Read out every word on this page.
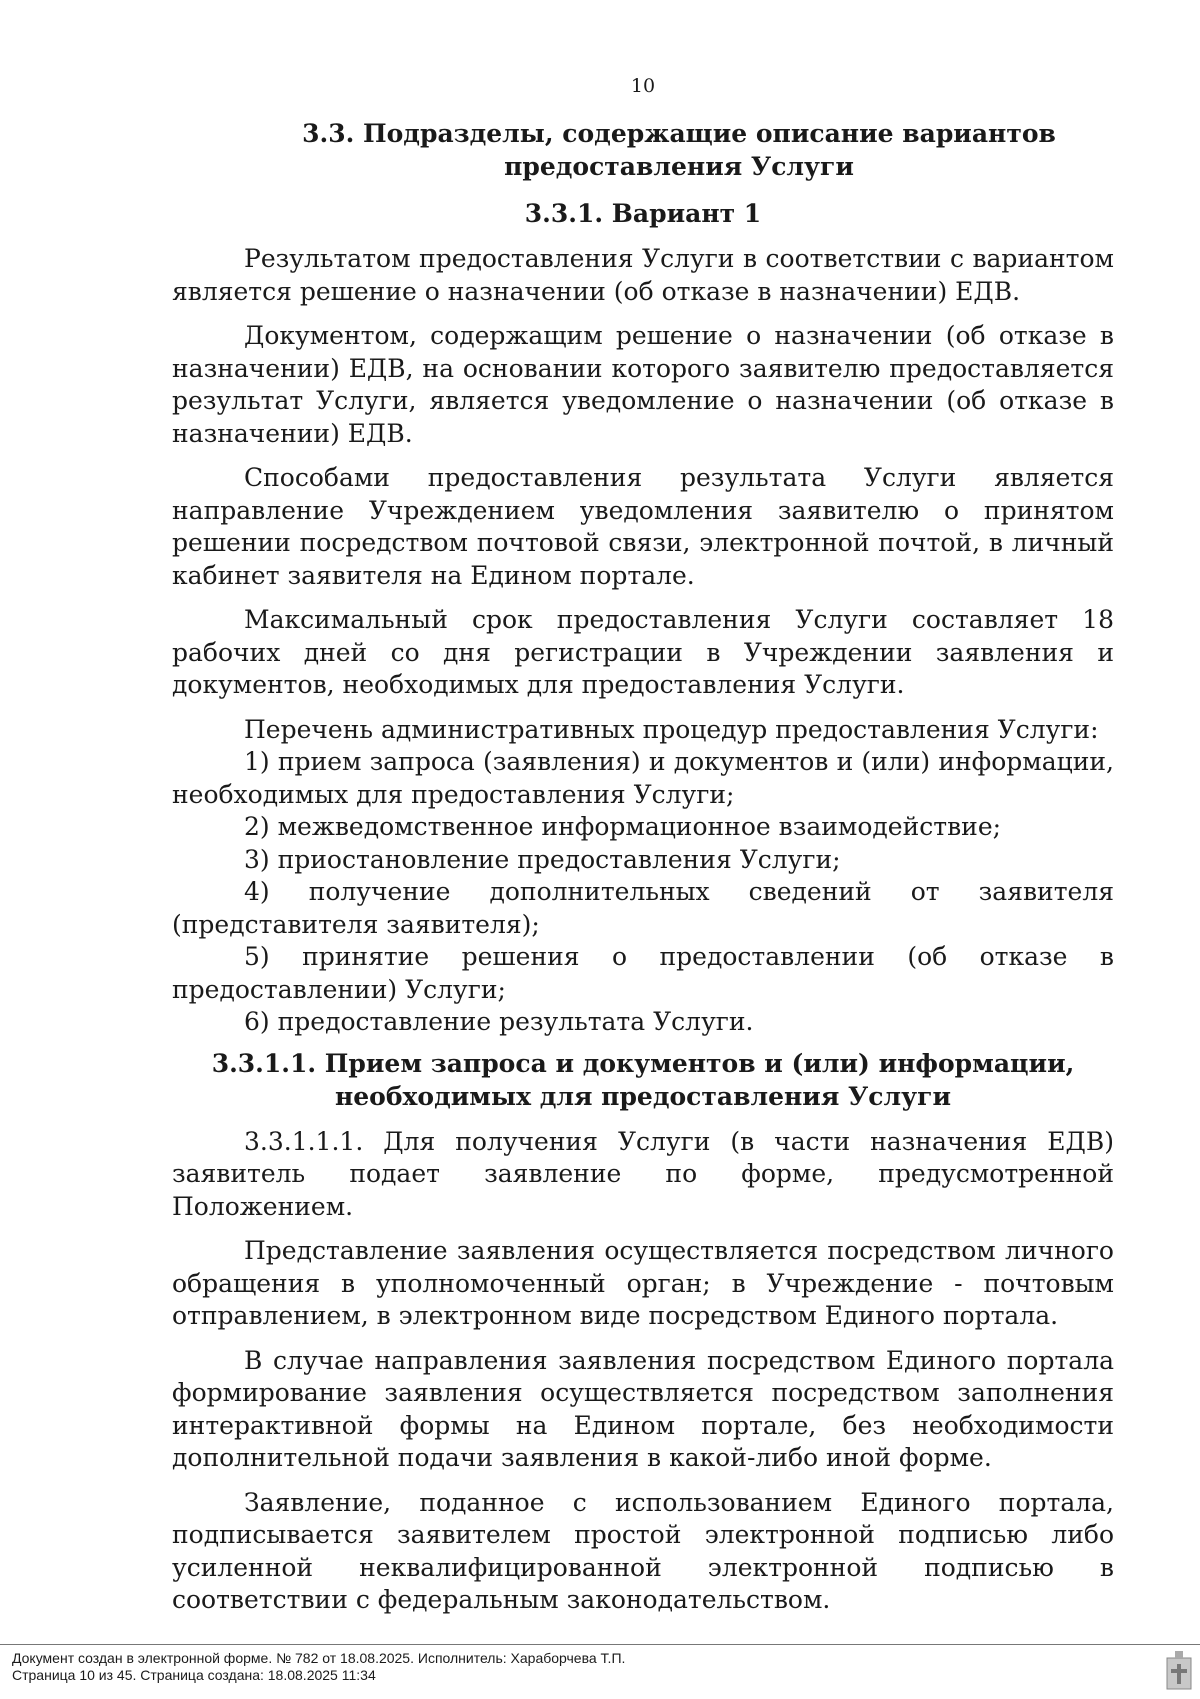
10
3.3. Подразделы, содержащие описание вариантов предоставления Услуги
3.3.1. Вариант 1

Результатом предоставления Услуги в соответствии с вариантом является решение о назначении (об отказе в назначении) ЕДВ.

Документом, содержащим решение о назначении (об отказе в назначении) ЕДВ, на основании которого заявителю предоставляется результат Услуги, является уведомление о назначении (об отказе в назначении) ЕДВ.

Способами предоставления результата Услуги является направление Учреждением уведомления заявителю о принятом решении посредством почтовой связи, электронной почтой, в личный кабинет заявителя на Едином портале.

Максимальный срок предоставления Услуги составляет 18 рабочих дней со дня регистрации в Учреждении заявления и документов, необходимых для предоставления Услуги.

Перечень административных процедур предоставления Услуги:

1) прием запроса (заявления) и документов и (или) информации, необходимых для предоставления Услуги;

2) межведомственное информационное взаимодействие;

3) приостановление предоставления Услуги;

4) получение дополнительных сведений от заявителя (представителя заявителя);

5) принятие решения о предоставлении (об отказе в предоставлении) Услуги;

6) предоставление результата Услуги.

3.3.1.1. Прием запроса и документов и (или) информации, необходимых для предоставления Услуги

3.3.1.1.1. Для получения Услуги (в части назначения ЕДВ) заявитель подает заявление по форме, предусмотренной Положением.

Представление заявления осуществляется посредством личного обращения в уполномоченный орган; в Учреждение - почтовым отправлением, в электронном виде посредством Единого портала.

В случае направления заявления посредством Единого портала формирование заявления осуществляется посредством заполнения интерактивной формы на Едином портале, без необходимости дополнительной подачи заявления в какой-либо иной форме.

Заявление, поданное с использованием Единого портала, подписывается заявителем простой электронной подписью либо усиленной неквалифицированной электронной подписью в соответствии с федеральным законодательством.

Документ создан в электронной форме. № 782 от 18.08.2025. Исполнитель: Хараборчева Т.П.
Страница 10 из 45. Страница создана: 18.08.2025 11:34
